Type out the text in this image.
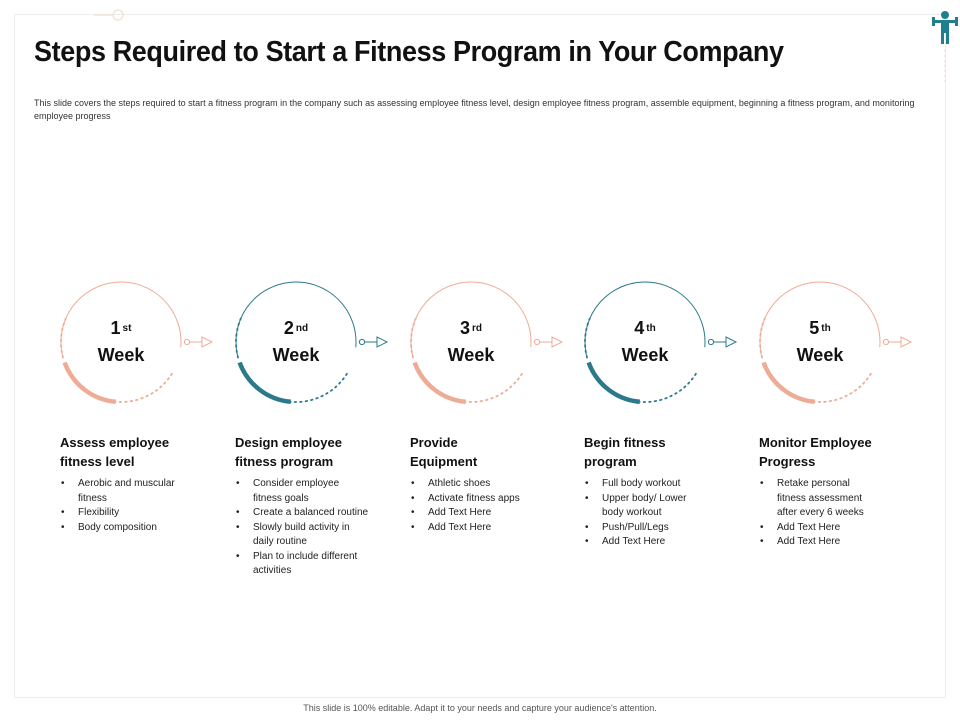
Steps Required to Start a Fitness Program in Your Company

This slide covers the steps required to start a fitness program in the company such as assessing employee fitness level, design employee fitness program, assemble equipment, beginning a fitness program, and monitoring employee progress

1 $^{st}$
Week
Assess employee fitness level
• Aerobic and muscular fitness
• Flexibility
• Body composition
2 $^{nd}$
Week
Design employee fitness program
• Consider employee fitness goals
• Create a balanced routine
• Slowly build activity in daily routine
• Plan to include different activities
3 $^{rd}$
Week
Provide Equipment
• Athletic shoes
• Activate fitness apps
• Add Text Here
• Add Text Here
4 $^{th}$
Week
Begin fitness program
• Full body workout
• Upper body/ Lower body workout
• Push/Pull/Legs
• Add Text Here
5 $^{th}$
Week
Monitor Employee Progress
• Retake personal fitness assessment after every 6 weeks
• Add Text Here
• Add Text Here
This slide is 100% editable. Adapt it to your needs and capture your audience's attention.
